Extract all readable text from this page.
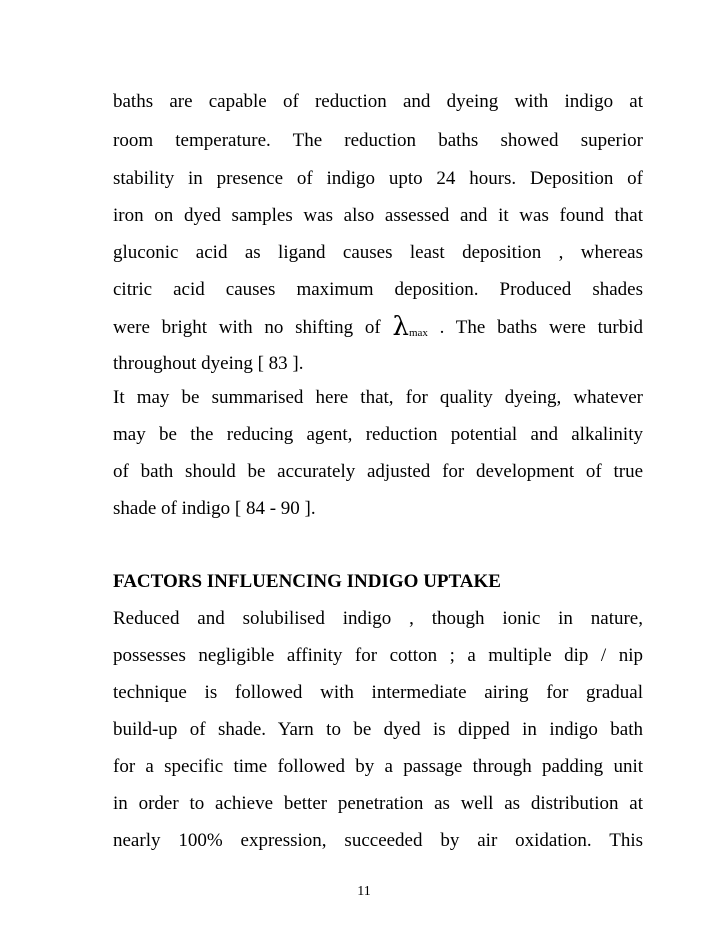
baths are capable of reduction and dyeing with indigo at
room temperature. The reduction baths showed superior
stability in presence of indigo upto 24 hours. Deposition of
iron on dyed samples was also assessed and it was found that
gluconic acid as ligand causes least deposition , whereas
citric acid causes maximum deposition. Produced shades
were bright with no shifting of $\lambda_{max}$ . The baths were turbid
throughout dyeing [ 83 ].
It may be summarised here that, for quality dyeing, whatever
may be the reducing agent, reduction potential and alkalinity
of bath should be accurately adjusted for development of true
shade of indigo [ 84 - 90 ].
FACTORS INFLUENCING INDIGO UPTAKE
Reduced and solubilised indigo , though ionic in nature,
possesses negligible affinity for cotton ; a multiple dip / nip
technique is followed with intermediate airing for gradual
build-up of shade. Yarn to be dyed is dipped in indigo bath
for a specific time followed by a passage through padding unit
in order to achieve better penetration as well as distribution at
nearly 100% expression, succeeded by air oxidation. This
11
